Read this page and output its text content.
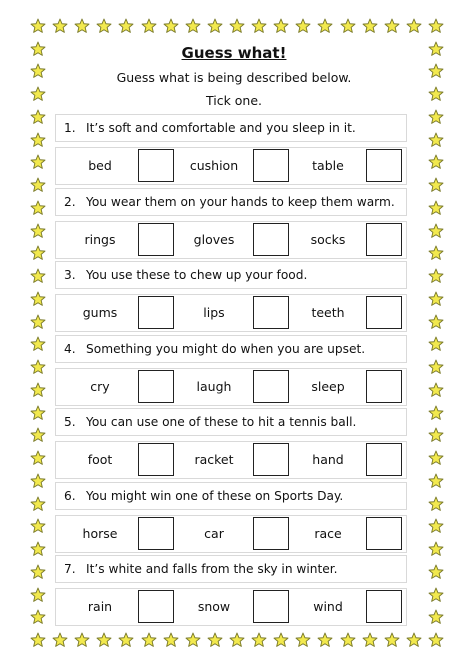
Guess what!
Guess what is being described below.
Tick one.
1. It’s soft and comfortable and you sleep in it.
bed	cushion	table
2. You wear them on your hands to keep them warm.
rings	gloves	socks
3. You use these to chew up your food.
gums	lips	teeth
4. Something you might do when you are upset.
cry	laugh	sleep
5. You can use one of these to hit a tennis ball.
foot	racket	hand
6. You might win one of these on Sports Day.
horse	car	race
7. It’s white and falls from the sky in winter.
rain	snow	wind
